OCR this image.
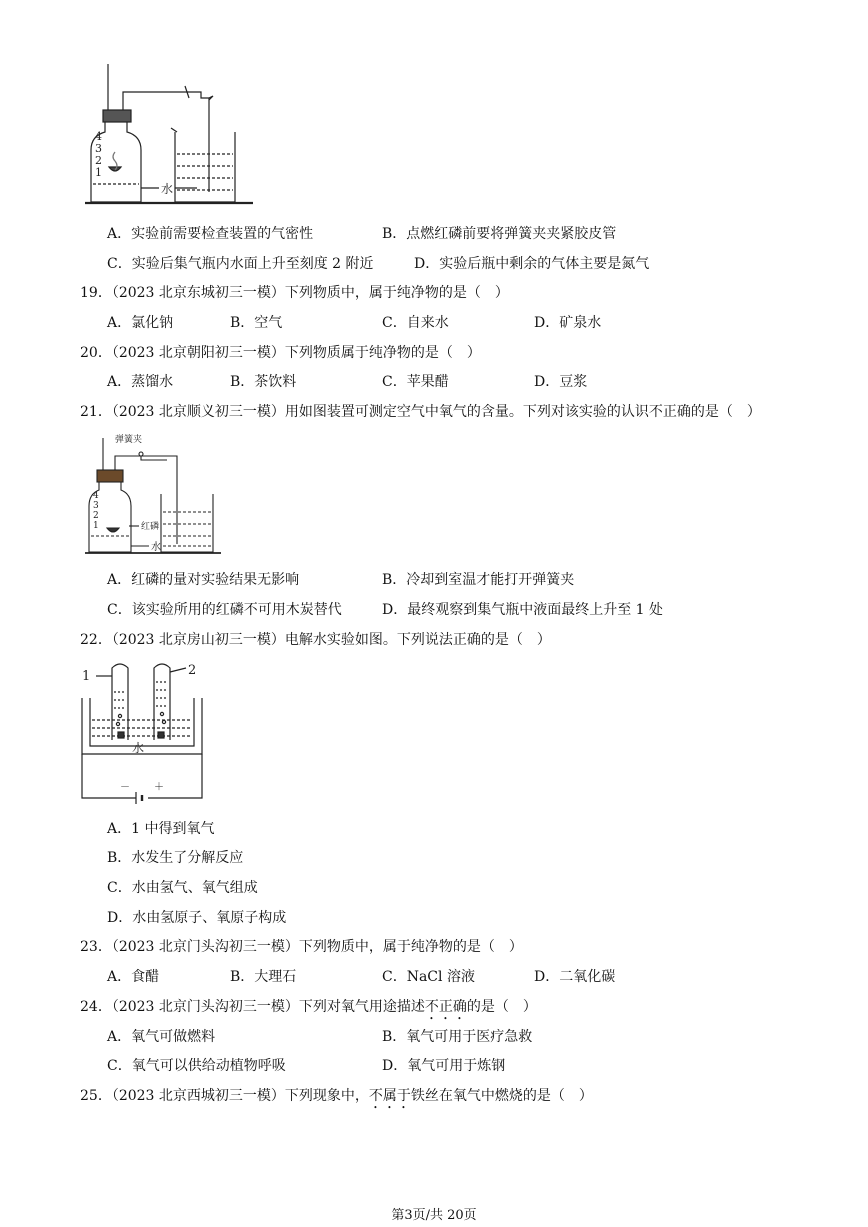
4
3
2
1
水
A．实验前需要检查装置的气密性	B．点燃红磷前要将弹簧夹夹紧胶皮管
C．实验后集气瓶内水面上升至刻度 2 附近	D．实验后瓶中剩余的气体主要是氮气
19．（2023 北京东城初三一模）下列物质中，属于纯净物的是（　）
A．氯化钠	B．空气	C．自来水	D．矿泉水
20．（2023 北京朝阳初三一模）下列物质属于纯净物的是（　）
A．蒸馏水	B．茶饮料	C．苹果醋	D．豆浆
21．（2023 北京顺义初三一模）用如图装置可测定空气中氧气的含量。下列对该实验的认识不正确的是（　）
弹簧夹
红磷
水
4
3
2
1
A．红磷的量对实验结果无影响	B．冷却到室温才能打开弹簧夹
C．该实验所用的红磷不可用木炭替代	D．最终观察到集气瓶中液面最终上升至 1 处
22．（2023 北京房山初三一模）电解水实验如图。下列说法正确的是（　）
1	2
水
－ ＋
A．1 中得到氧气
B．水发生了分解反应
C．水由氢气、氧气组成
D．水由氢原子、氧原子构成
23．（2023 北京门头沟初三一模）下列物质中，属于纯净物的是（　）
A．食醋	B．大理石	C．NaCl 溶液	D．二氧化碳
24．（2023 北京门头沟初三一模）下列对氧气用途描述不正确的是（　）
A．氧气可做燃料	B．氧气可用于医疗急救
C．氧气可以供给动植物呼吸	D．氧气可用于炼钢
25．（2023 北京西城初三一模）下列现象中，不属于铁丝在氧气中燃烧的是（　）
第3页/共 20页
